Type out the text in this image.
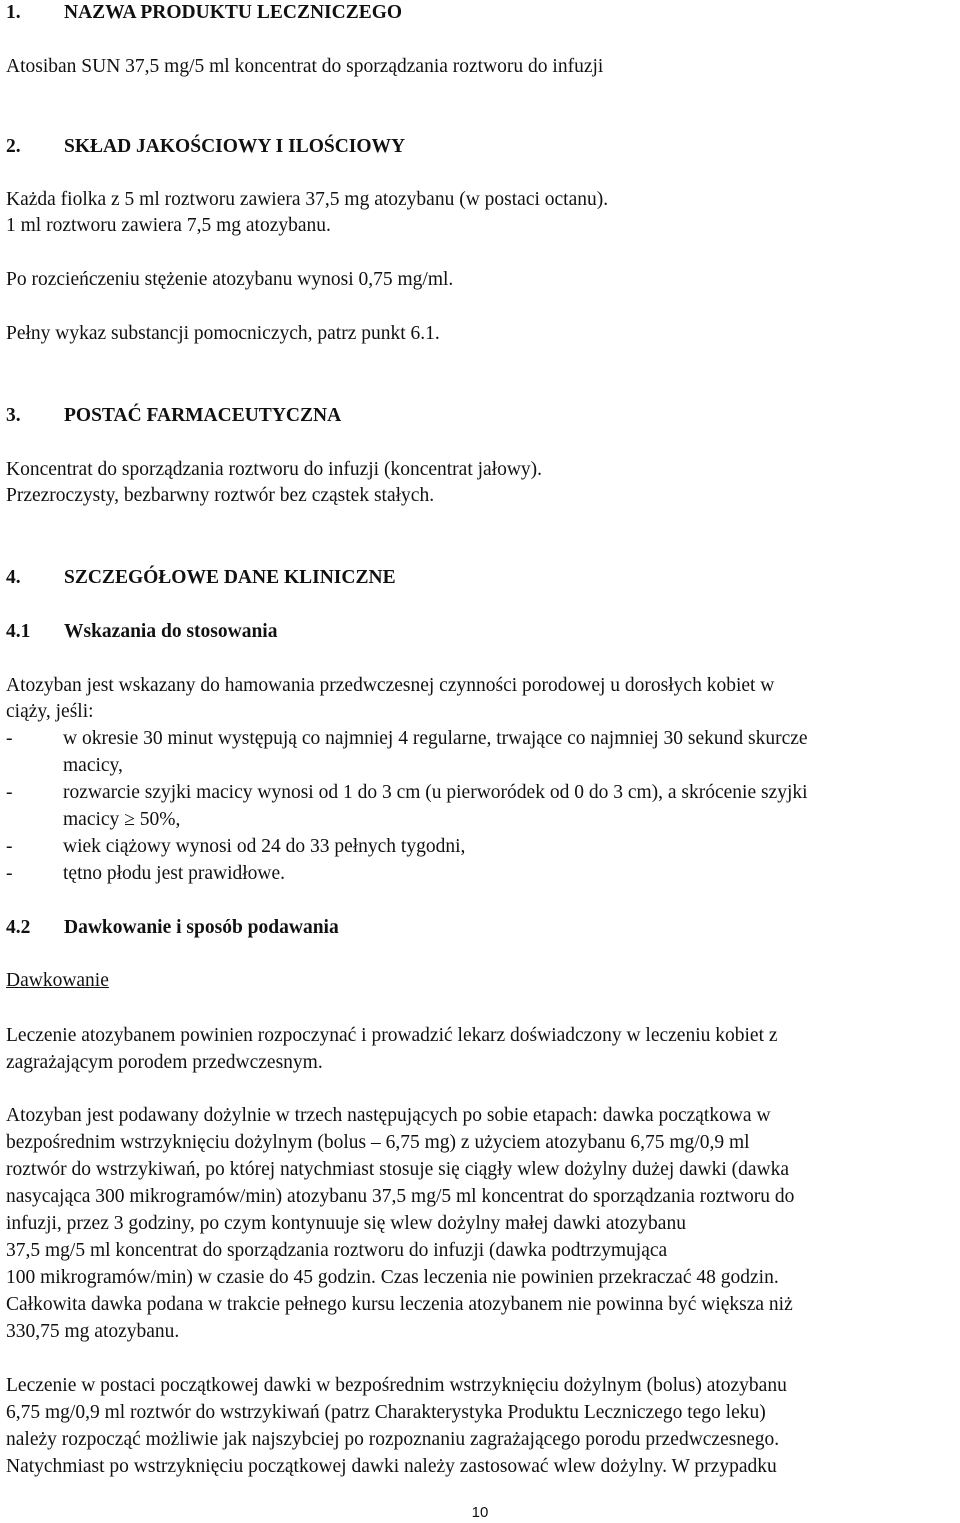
1. NAZWA PRODUKTU LECZNICZEGO
Atosiban SUN 37,5 mg/5 ml koncentrat do sporządzania roztworu do infuzji
2. SKŁAD JAKOŚCIOWY I ILOŚCIOWY
Każda fiolka z 5 ml roztworu zawiera 37,5 mg atozybanu (w postaci octanu).
1 ml roztworu zawiera 7,5 mg atozybanu.
Po rozcieńczeniu stężenie atozybanu wynosi 0,75 mg/ml.
Pełny wykaz substancji pomocniczych, patrz punkt 6.1.
3. POSTAĆ FARMACEUTYCZNA
Koncentrat do sporządzania roztworu do infuzji (koncentrat jałowy).
Przezroczysty, bezbarwny roztwór bez cząstek stałych.
4. SZCZEGÓŁOWE DANE KLINICZNE
4.1 Wskazania do stosowania
Atozyban jest wskazany do hamowania przedwczesnej czynności porodowej u dorosłych kobiet w
ciąży, jeśli:
-	w okresie 30 minut występują co najmniej 4 regularne, trwające co najmniej 30 sekund skurcze
macicy,
-	rozwarcie szyjki macicy wynosi od 1 do 3 cm (u pierworódek od 0 do 3 cm), a skrócenie szyjki
macicy ≥ 50%,
-	wiek ciążowy wynosi od 24 do 33 pełnych tygodni,
-	tętno płodu jest prawidłowe.
4.2 Dawkowanie i sposób podawania
Dawkowanie
Leczenie atozybanem powinien rozpoczynać i prowadzić lekarz doświadczony w leczeniu kobiet z
zagrażającym porodem przedwczesnym.
Atozyban jest podawany dożylnie w trzech następujących po sobie etapach: dawka początkowa w
bezpośrednim wstrzyknięciu dożylnym (bolus – 6,75 mg) z użyciem atozybanu 6,75 mg/0,9 ml
roztwór do wstrzykiwań, po której natychmiast stosuje się ciągły wlew dożylny dużej dawki (dawka
nasycająca 300 mikrogramów/min) atozybanu 37,5 mg/5 ml koncentrat do sporządzania roztworu do
infuzji, przez 3 godziny, po czym kontynuuje się wlew dożylny małej dawki atozybanu
37,5 mg/5 ml koncentrat do sporządzania roztworu do infuzji (dawka podtrzymująca
100 mikrogramów/min) w czasie do 45 godzin. Czas leczenia nie powinien przekraczać 48 godzin.
Całkowita dawka podana w trakcie pełnego kursu leczenia atozybanem nie powinna być większa niż
330,75 mg atozybanu.
Leczenie w postaci początkowej dawki w bezpośrednim wstrzyknięciu dożylnym (bolus) atozybanu
6,75 mg/0,9 ml roztwór do wstrzykiwań (patrz Charakterystyka Produktu Leczniczego tego leku)
należy rozpocząć możliwie jak najszybciej po rozpoznaniu zagrażającego porodu przedwczesnego.
Natychmiast po wstrzyknięciu początkowej dawki należy zastosować wlew dożylny. W przypadku
10
